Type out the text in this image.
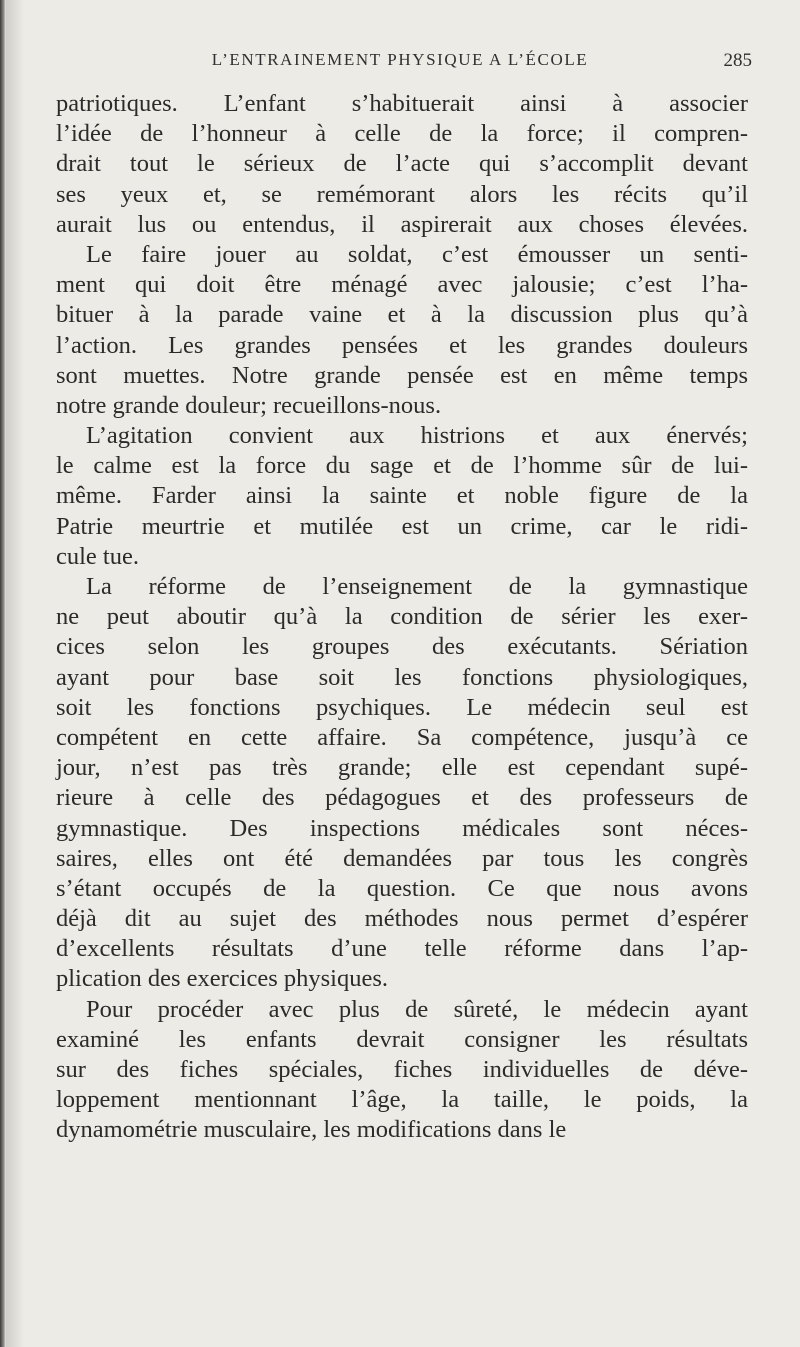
L’ENTRAINEMENT PHYSIQUE A L’ÉCOLE	285
patriotiques. L’enfant s’habituerait ainsi à associer
l’idée de l’honneur à celle de la force; il compren-
drait tout le sérieux de l’acte qui s’accomplit devant
ses yeux et, se remémorant alors les récits qu’il
aurait lus ou entendus, il aspirerait aux choses élevées.
Le faire jouer au soldat, c’est émousser un senti-
ment qui doit être ménagé avec jalousie; c’est l’ha-
bituer à la parade vaine et à la discussion plus qu’à
l’action. Les grandes pensées et les grandes douleurs
sont muettes. Notre grande pensée est en même temps
notre grande douleur; recueillons-nous.
L’agitation convient aux histrions et aux énervés;
le calme est la force du sage et de l’homme sûr de lui-
même. Farder ainsi la sainte et noble figure de la
Patrie meurtrie et mutilée est un crime, car le ridi-
cule tue.
La réforme de l’enseignement de la gymnastique
ne peut aboutir qu’à la condition de sérier les exer-
cices selon les groupes des exécutants. Sériation
ayant pour base soit les fonctions physiologiques,
soit les fonctions psychiques. Le médecin seul est
compétent en cette affaire. Sa compétence, jusqu’à ce
jour, n’est pas très grande; elle est cependant supé-
rieure à celle des pédagogues et des professeurs de
gymnastique. Des inspections médicales sont néces-
saires, elles ont été demandées par tous les congrès
s’étant occupés de la question. Ce que nous avons
déjà dit au sujet des méthodes nous permet d’espérer
d’excellents résultats d’une telle réforme dans l’ap-
plication des exercices physiques.
Pour procéder avec plus de sûreté, le médecin ayant
examiné les enfants devrait consigner les résultats
sur des fiches spéciales, fiches individuelles de déve-
loppement mentionnant l’âge, la taille, le poids, la
dynamométrie musculaire, les modifications dans le
